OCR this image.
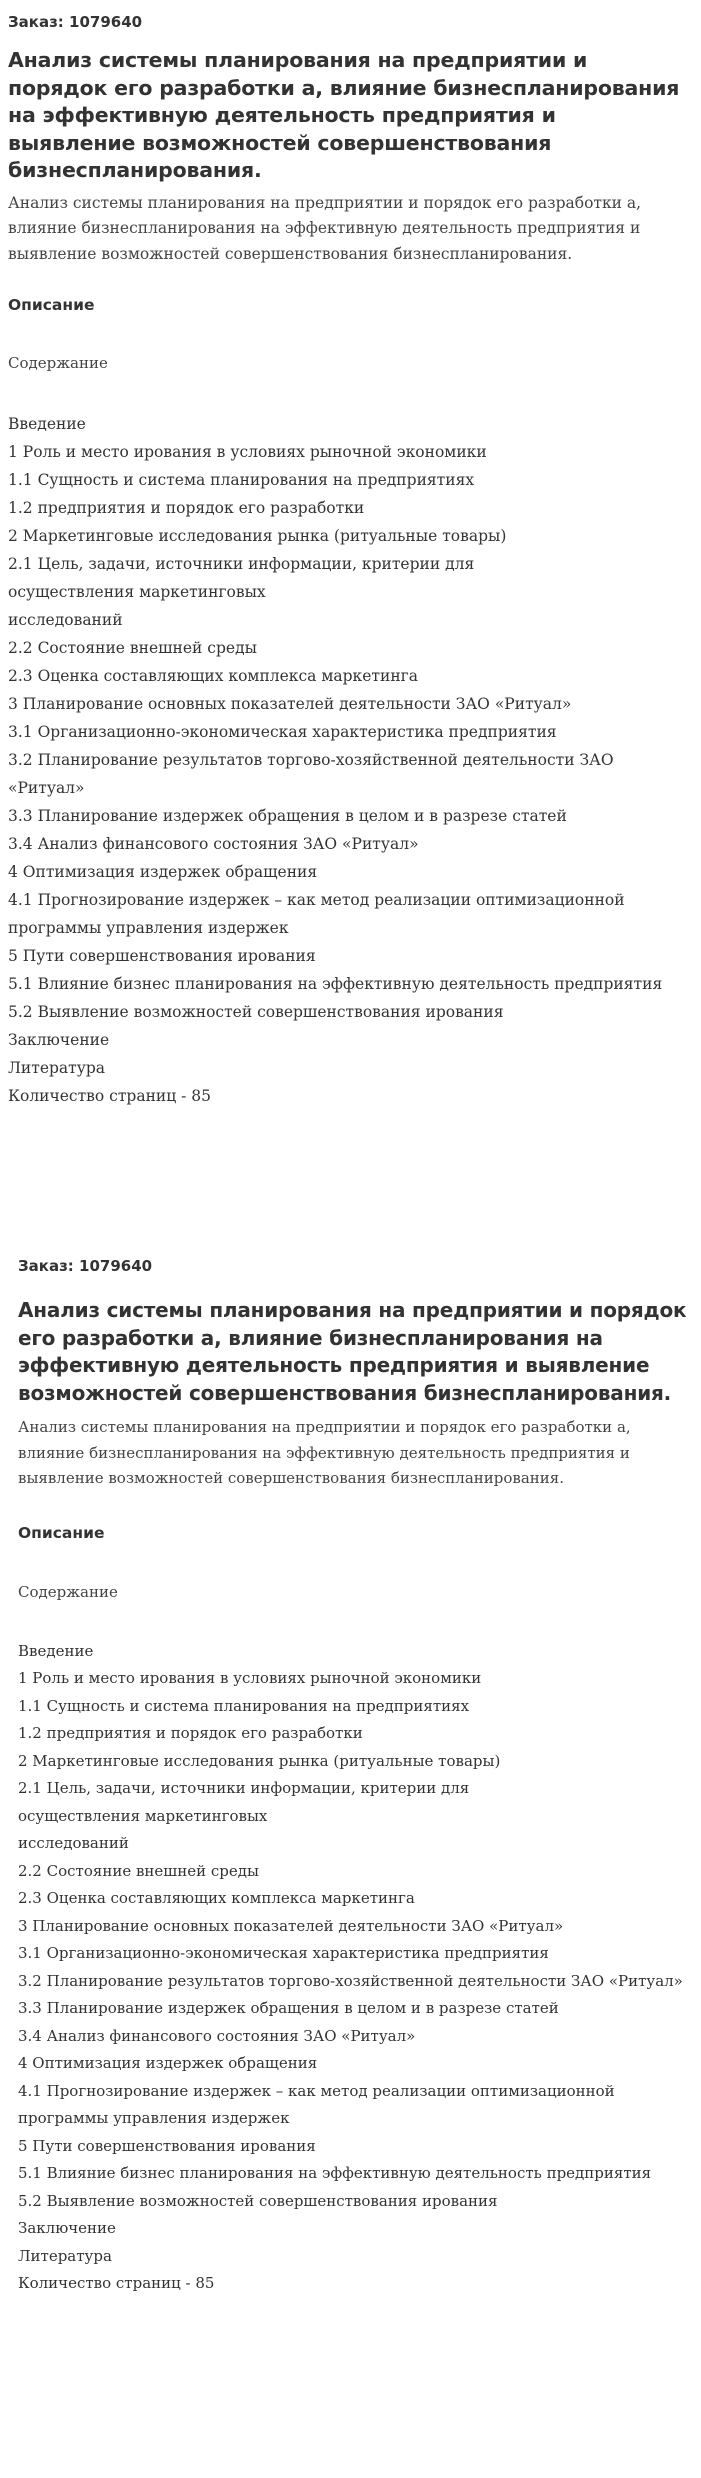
Заказ: 1079640
Анализ системы планирования на предприятии и порядок его разработки а, влияние бизнеспланирования на эффективную деятельность предприятия и выявление возможностей совершенствования бизнеспланирования.
Анализ системы планирования на предприятии и порядок его разработки а, влияние бизнеспланирования на эффективную деятельность предприятия и выявление возможностей совершенствования бизнеспланирования.
Описание
Содержание
Введение
1 Роль и место ирования в условиях рыночной экономики
1.1 Сущность и система планирования на предприятиях
1.2 предприятия и порядок его разработки
2 Маркетинговые исследования рынка (ритуальные товары)
2.1 Цель, задачи, источники информации, критерии для
осуществления маркетинговых
исследований
2.2 Состояние внешней среды
2.3 Оценка составляющих комплекса маркетинга
3 Планирование основных показателей деятельности ЗАО «Ритуал»
3.1 Организационно-экономическая характеристика предприятия
3.2 Планирование результатов торгово-хозяйственной деятельности ЗАО «Ритуал»
3.3 Планирование издержек обращения в целом и в разрезе статей
3.4 Анализ финансового состояния ЗАО «Ритуал»
4 Оптимизация издержек обращения
4.1 Прогнозирование издержек – как метод реализации оптимизационной программы управления издержек
5 Пути совершенствования ирования
5.1 Влияние бизнес планирования на эффективную деятельность предприятия
5.2 Выявление возможностей совершенствования ирования
Заключение
Литература
Количество страниц - 85
Заказ: 1079640
Анализ системы планирования на предприятии и порядок его разработки а, влияние бизнеспланирования на эффективную деятельность предприятия и выявление возможностей совершенствования бизнеспланирования.
Анализ системы планирования на предприятии и порядок его разработки а, влияние бизнеспланирования на эффективную деятельность предприятия и выявление возможностей совершенствования бизнеспланирования.
Описание
Содержание
Введение
1 Роль и место ирования в условиях рыночной экономики
1.1 Сущность и система планирования на предприятиях
1.2 предприятия и порядок его разработки
2 Маркетинговые исследования рынка (ритуальные товары)
2.1 Цель, задачи, источники информации, критерии для
осуществления маркетинговых
исследований
2.2 Состояние внешней среды
2.3 Оценка составляющих комплекса маркетинга
3 Планирование основных показателей деятельности ЗАО «Ритуал»
3.1 Организационно-экономическая характеристика предприятия
3.2 Планирование результатов торгово-хозяйственной деятельности ЗАО «Ритуал»
3.3 Планирование издержек обращения в целом и в разрезе статей
3.4 Анализ финансового состояния ЗАО «Ритуал»
4 Оптимизация издержек обращения
4.1 Прогнозирование издержек – как метод реализации оптимизационной программы управления издержек
5 Пути совершенствования ирования
5.1 Влияние бизнес планирования на эффективную деятельность предприятия
5.2 Выявление возможностей совершенствования ирования
Заключение
Литература
Количество страниц - 85
